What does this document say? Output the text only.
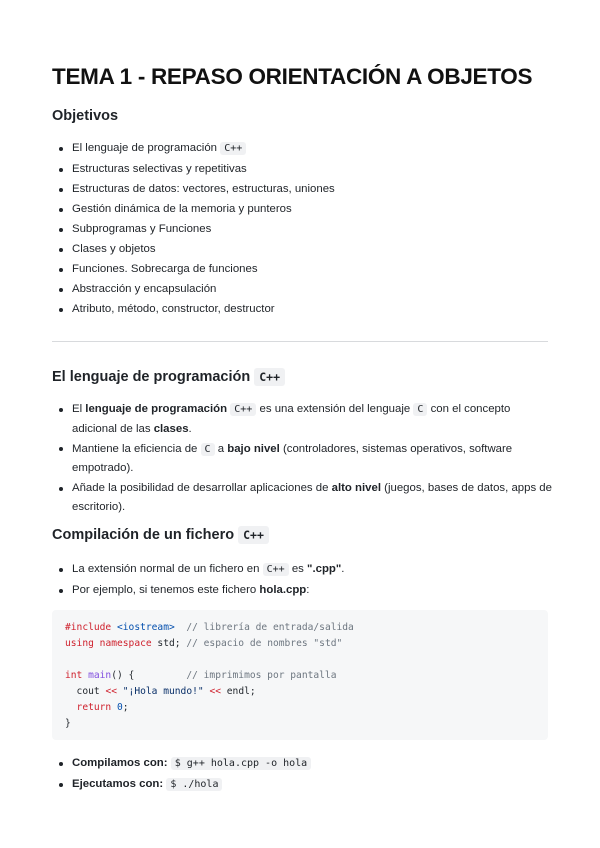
TEMA 1 - REPASO ORIENTACIÓN A OBJETOS
Objetivos
El lenguaje de programación C++
Estructuras selectivas y repetitivas
Estructuras de datos: vectores, estructuras, uniones
Gestión dinámica de la memoria y punteros
Subprogramas y Funciones
Clases y objetos
Funciones. Sobrecarga de funciones
Abstracción y encapsulación
Atributo, método, constructor, destructor
El lenguaje de programación C++
El lenguaje de programación C++ es una extensión del lenguaje C con el concepto adicional de las clases.
Mantiene la eficiencia de C a bajo nivel (controladores, sistemas operativos, software empotrado).
Añade la posibilidad de desarrollar aplicaciones de alto nivel (juegos, bases de datos, apps de escritorio).
Compilación de un fichero C++
La extensión normal de un fichero en C++ es ".cpp".
Por ejemplo, si tenemos este fichero hola.cpp:
#include <iostream> // librería de entrada/salida
using namespace std; // espacio de nombres "std"
int main() {	// imprimimos por pantalla
cout << "¡Hola mundo!" << endl;
return 0;
}
Compilamos con: $ g++ hola.cpp -o hola
Ejecutamos con: $ ./hola
